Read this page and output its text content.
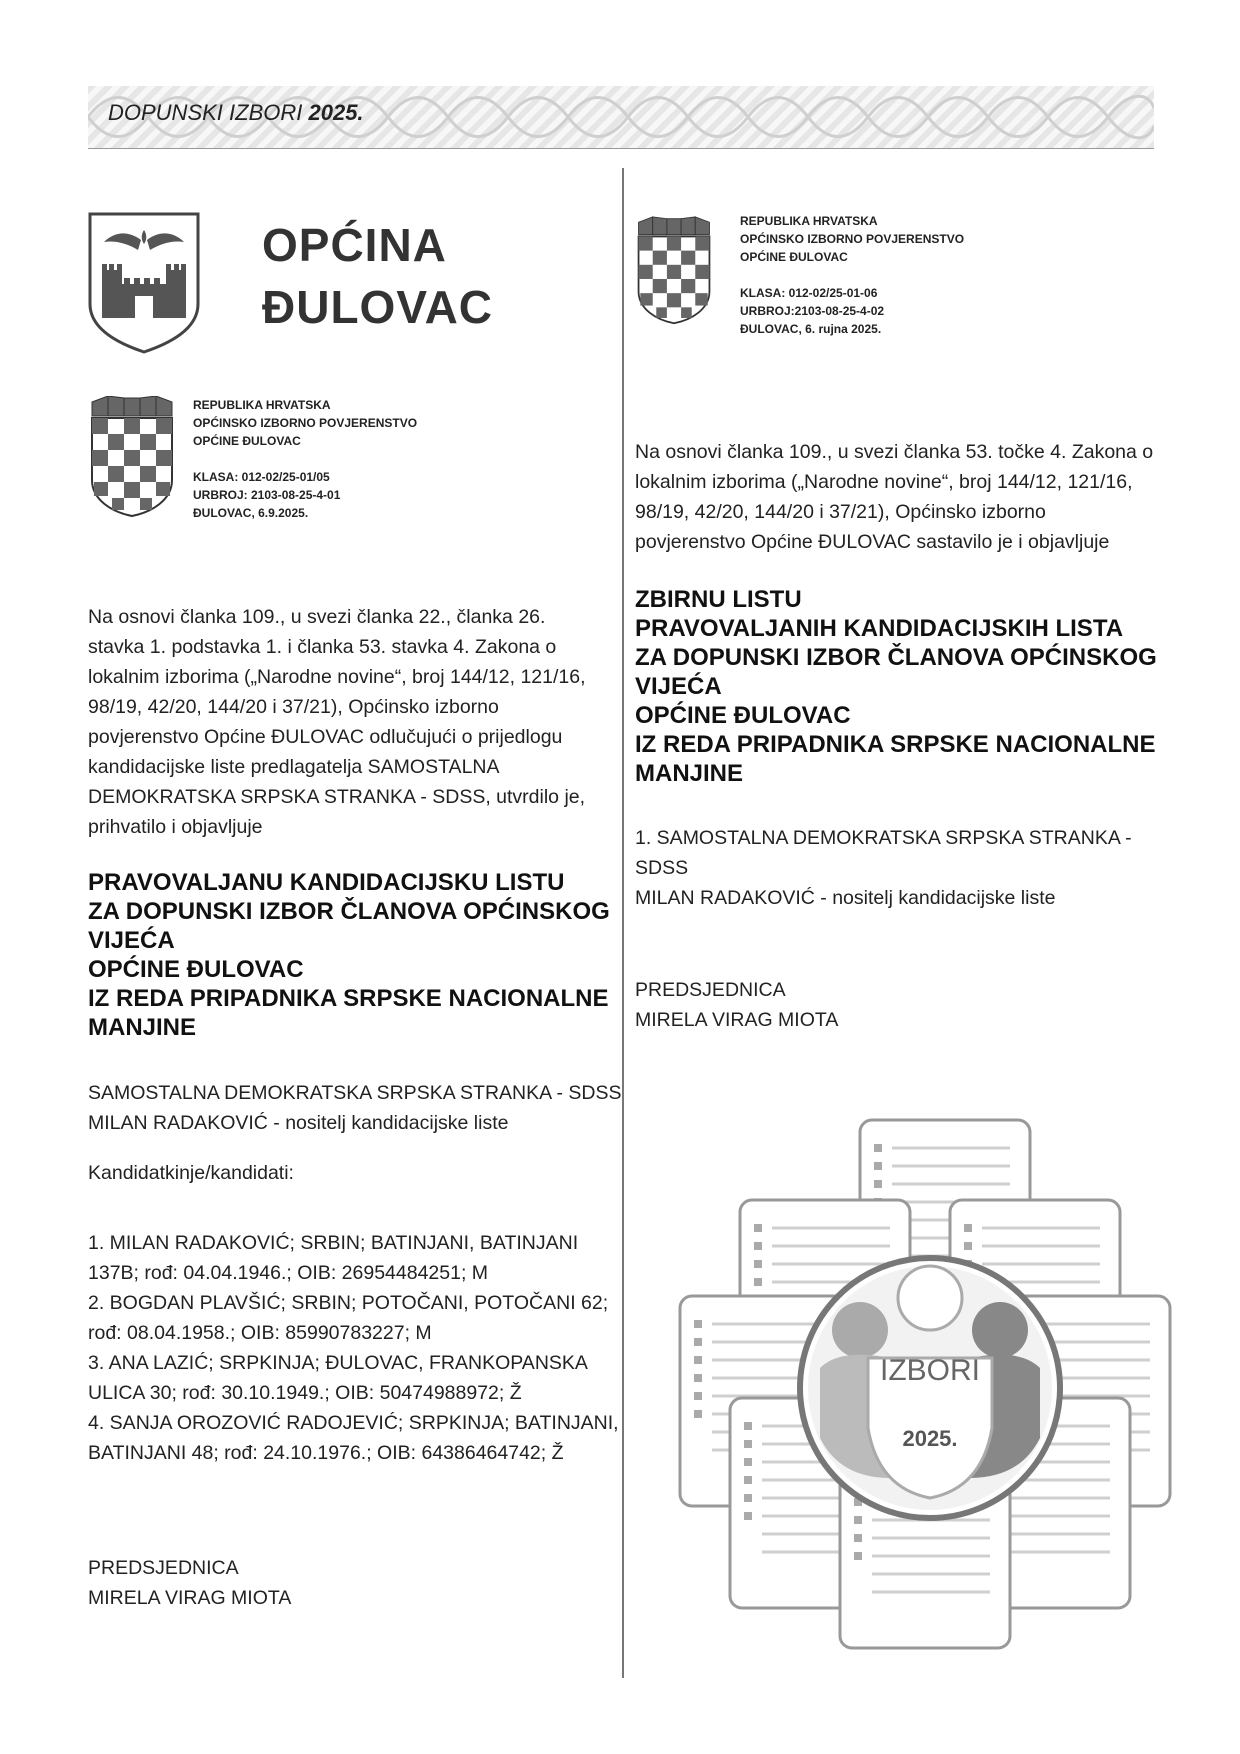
DOPUNSKI IZBORI 2025.
OPĆINA
ĐULOVAC
REPUBLIKA HRVATSKA
OPĆINSKO IZBORNO POVJERENSTVO
OPĆINE ĐULOVAC
KLASA: 012-02/25-01/05
URBROJ: 2103-08-25-4-01
ĐULOVAC, 6.9.2025.
Na osnovi članka 109., u svezi članka 22., članka 26. stavka 1. podstavka 1. i članka 53. stavka 4. Zakona o lokalnim izborima („Narodne novine“, broj 144/12, 121/16, 98/19, 42/20, 144/20 i 37/21), Općinsko izborno povjerenstvo Općine ĐULOVAC odlučujući o prijedlogu kandidacijske liste predlagatelja SAMOSTALNA DEMOKRATSKA SRPSKA STRANKA - SDSS, utvrdilo je, prihvatilo i objavljuje
PRAVOVALJANU KANDIDACIJSKU LISTU
ZA DOPUNSKI IZBOR ČLANOVA OPĆINSKOG
VIJEĆA
OPĆINE ĐULOVAC
IZ REDA PRIPADNIKA SRPSKE NACIONALNE
MANJINE
SAMOSTALNA DEMOKRATSKA SRPSKA STRANKA - SDSS
MILAN RADAKOVIĆ - nositelj kandidacijske liste
Kandidatkinje/kandidati:
1. MILAN RADAKOVIĆ; SRBIN; BATINJANI, BATINJANI
137B; rođ: 04.04.1946.; OIB: 26954484251; M
2. BOGDAN PLAVŠIĆ; SRBIN; POTOČANI, POTOČANI 62;
rođ: 08.04.1958.; OIB: 85990783227; M
3. ANA LAZIĆ; SRPKINJA; ĐULOVAC, FRANKOPANSKA
ULICA 30; rođ: 30.10.1949.; OIB: 50474988972; Ž
4. SANJA OROZOVIĆ RADOJEVIĆ; SRPKINJA; BATINJANI,
BATINJANI 48; rođ: 24.10.1976.; OIB: 64386464742; Ž
PREDSJEDNICA
MIRELA VIRAG MIOTA
REPUBLIKA HRVATSKA
OPĆINSKO IZBORNO POVJERENSTVO
OPĆINE ĐULOVAC
KLASA: 012-02/25-01-06
URBROJ:2103-08-25-4-02
ĐULOVAC, 6. rujna 2025.
Na osnovi članka 109., u svezi članka 53. točke 4. Zakona o lokalnim izborima („Narodne novine“, broj 144/12, 121/16, 98/19, 42/20, 144/20 i 37/21), Općinsko izborno povjerenstvo Općine ĐULOVAC sastavilo je i objavljuje
ZBIRNU LISTU
PRAVOVALJANIH KANDIDACIJSKIH LISTA
ZA DOPUNSKI IZBOR ČLANOVA OPĆINSKOG
VIJEĆA
OPĆINE ĐULOVAC
IZ REDA PRIPADNIKA SRPSKE NACIONALNE
MANJINE
1. SAMOSTALNA DEMOKRATSKA SRPSKA STRANKA -
SDSS
MILAN RADAKOVIĆ - nositelj kandidacijske liste
PREDSJEDNICA
MIRELA VIRAG MIOTA
IZBORI
2025.
